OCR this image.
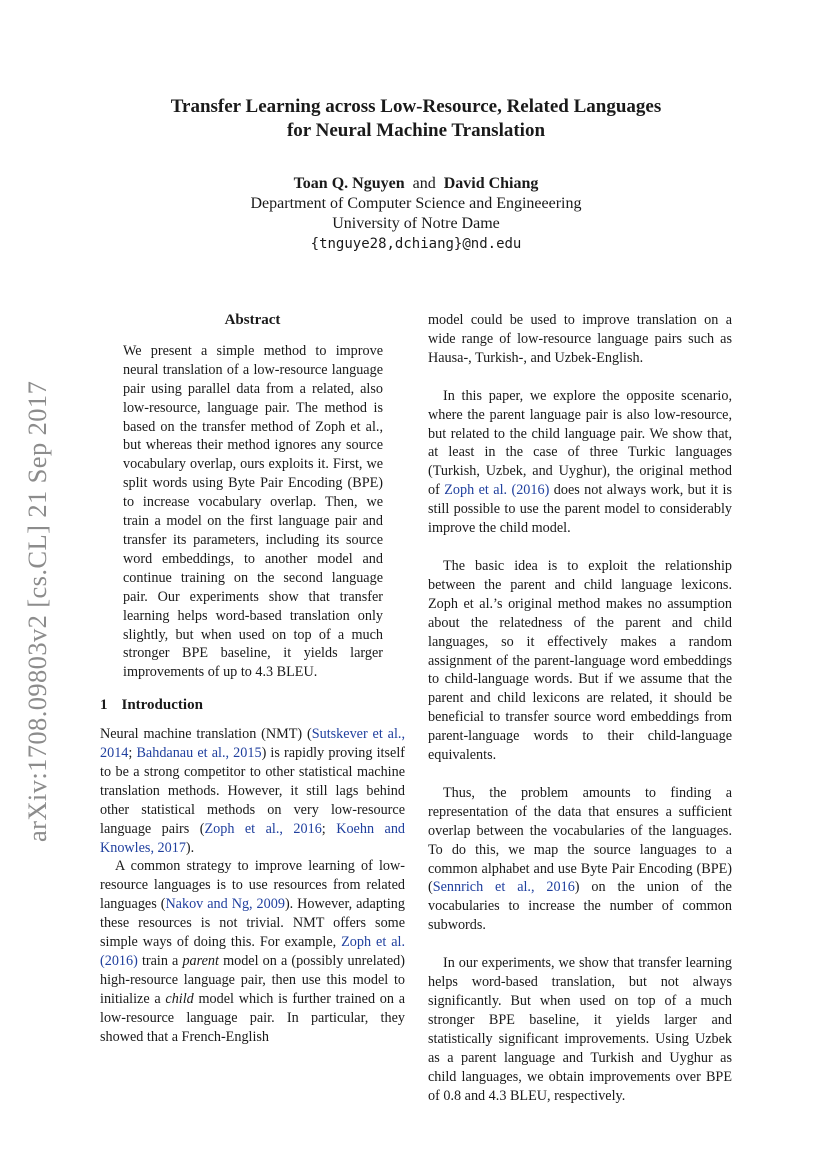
arXiv:1708.09803v2 [cs.CL] 21 Sep 2017
Transfer Learning across Low-Resource, Related Languages
for Neural Machine Translation
Toan Q. Nguyen and David Chiang
Department of Computer Science and Engineeering
University of Notre Dame
{tnguye28,dchiang}@nd.edu
Abstract

We present a simple method to improve neural translation of a low-resource language pair using parallel data from a related, also low-resource, language pair. The method is based on the transfer method of Zoph et al., but whereas their method ignores any source vocabulary overlap, ours exploits it. First, we split words using Byte Pair Encoding (BPE) to increase vocabulary overlap. Then, we train a model on the first language pair and transfer its parameters, including its source word embeddings, to another model and continue training on the second language pair. Our experiments show that transfer learning helps word-based translation only slightly, but when used on top of a much stronger BPE baseline, it yields larger improvements of up to 4.3 BLEU.

1 Introduction

Neural machine translation (NMT) (Sutskever et al., 2014; Bahdanau et al., 2015) is rapidly proving itself to be a strong competitor to other statistical machine translation methods. However, it still lags behind other statistical methods on very low-resource language pairs (Zoph et al., 2016; Koehn and Knowles, 2017).

A common strategy to improve learning of low-resource languages is to use resources from related languages (Nakov and Ng, 2009). However, adapting these resources is not trivial. NMT offers some simple ways of doing this. For example, Zoph et al. (2016) train a parent model on a (possibly unrelated) high-resource language pair, then use this model to initialize a child model which is further trained on a low-resource language pair. In particular, they showed that a French-English

model could be used to improve translation on a wide range of low-resource language pairs such as Hausa-, Turkish-, and Uzbek-English.

In this paper, we explore the opposite scenario, where the parent language pair is also low-resource, but related to the child language pair. We show that, at least in the case of three Turkic languages (Turkish, Uzbek, and Uyghur), the original method of Zoph et al. (2016) does not always work, but it is still possible to use the parent model to considerably improve the child model.

The basic idea is to exploit the relationship between the parent and child language lexicons. Zoph et al.’s original method makes no assumption about the relatedness of the parent and child languages, so it effectively makes a random assignment of the parent-language word embeddings to child-language words. But if we assume that the parent and child lexicons are related, it should be beneficial to transfer source word embeddings from parent-language words to their child-language equivalents.

Thus, the problem amounts to finding a representation of the data that ensures a sufficient overlap between the vocabularies of the languages. To do this, we map the source languages to a common alphabet and use Byte Pair Encoding (BPE) (Sennrich et al., 2016) on the union of the vocabularies to increase the number of common subwords.

In our experiments, we show that transfer learning helps word-based translation, but not always significantly. But when used on top of a much stronger BPE baseline, it yields larger and statistically significant improvements. Using Uzbek as a parent language and Turkish and Uyghur as child languages, we obtain improvements over BPE of 0.8 and 4.3 BLEU, respectively.
